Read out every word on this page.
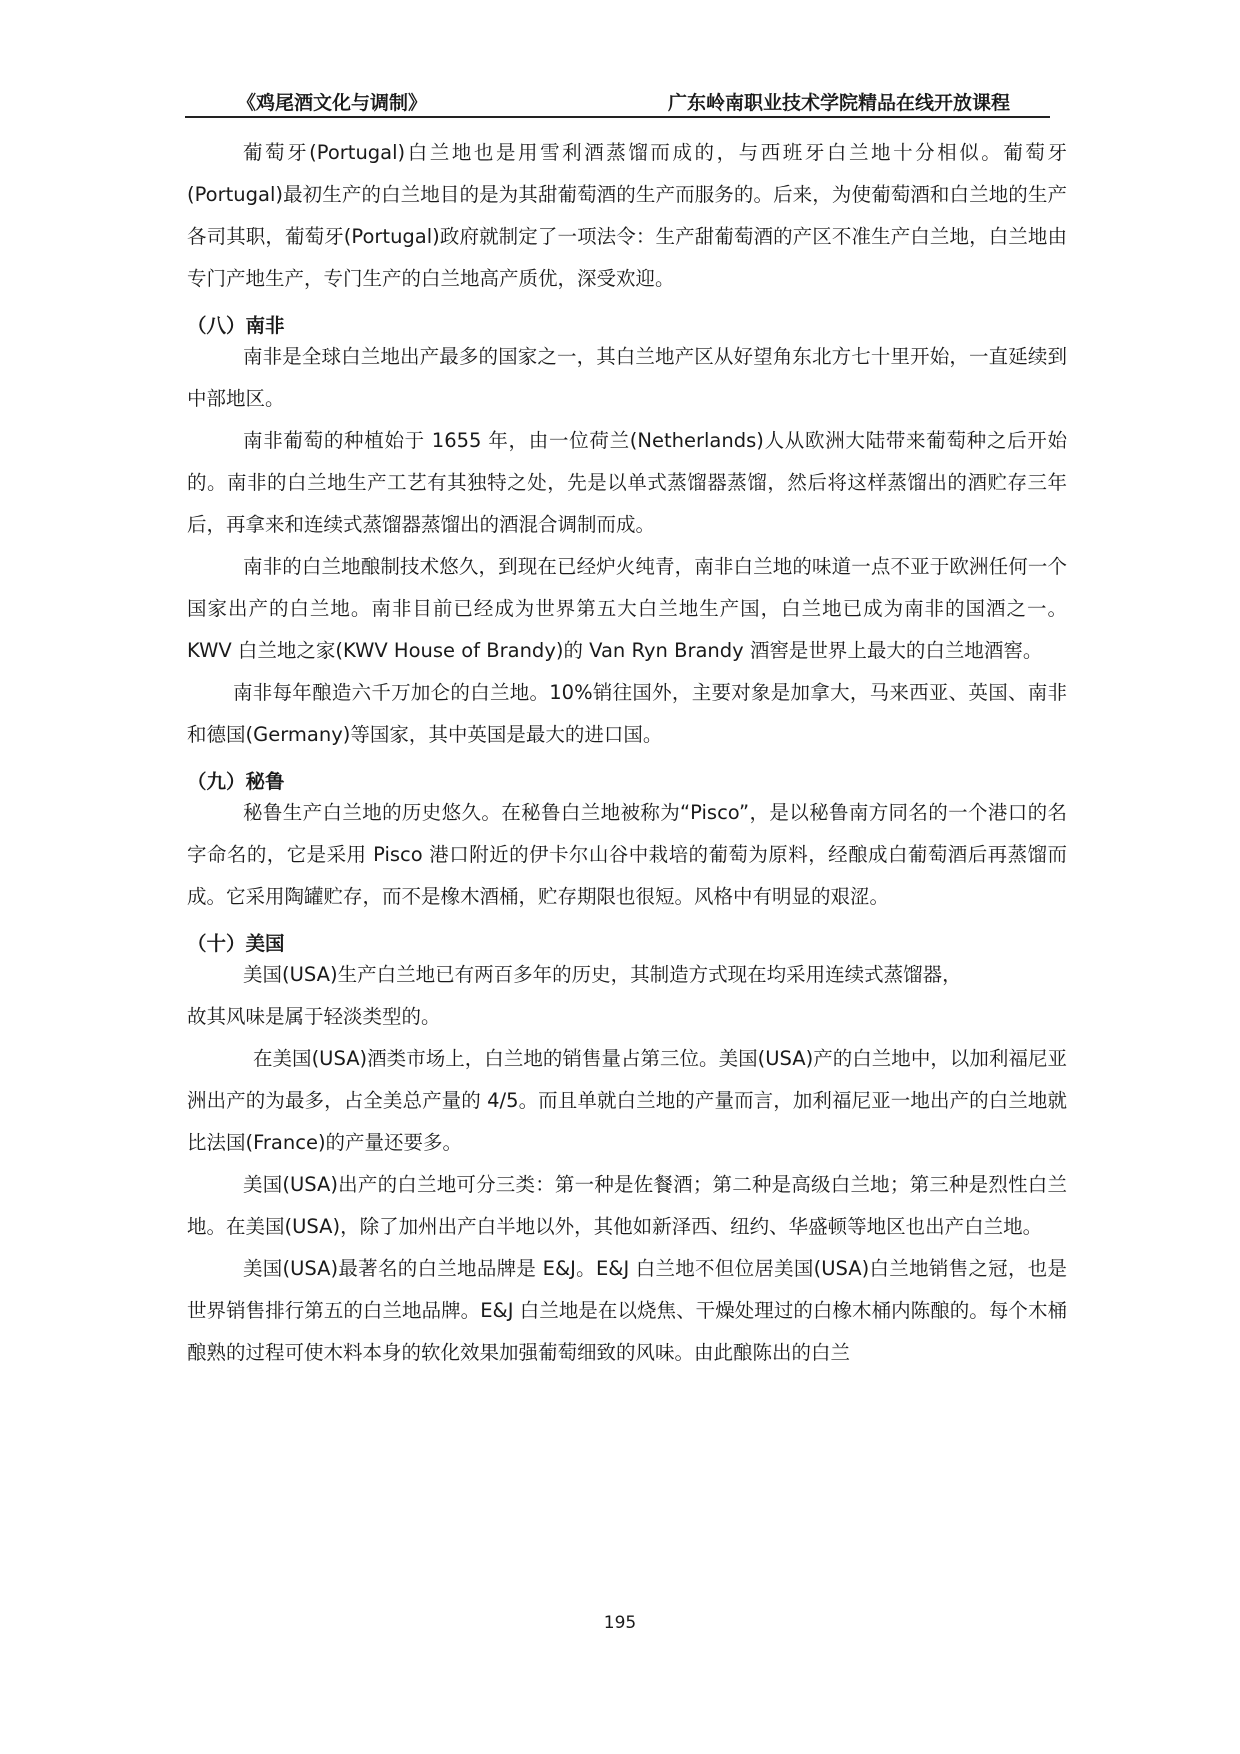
《鸡尾酒文化与调制》	广东岭南职业技术学院精品在线开放课程

葡萄牙(Portugal)白兰地也是用雪利酒蒸馏而成的，与西班牙白兰地十分相似。葡萄牙(Portugal)最初生产的白兰地目的是为其甜葡萄酒的生产而服务的。后来，为使葡萄酒和白兰地的生产各司其职，葡萄牙(Portugal)政府就制定了一项法令：生产甜葡萄酒的产区不准生产白兰地，白兰地由专门产地生产，专门生产的白兰地高产质优，深受欢迎。

（八）南非

南非是全球白兰地出产最多的国家之一，其白兰地产区从好望角东北方七十里开始，一直延续到中部地区。

南非葡萄的种植始于 1655 年，由一位荷兰(Netherlands)人从欧洲大陆带来葡萄种之后开始的。南非的白兰地生产工艺有其独特之处，先是以单式蒸馏器蒸馏，然后将这样蒸馏出的酒贮存三年后，再拿来和连续式蒸馏器蒸馏出的酒混合调制而成。

南非的白兰地酿制技术悠久，到现在已经炉火纯青，南非白兰地的味道一点不亚于欧洲任何一个国家出产的白兰地。南非目前已经成为世界第五大白兰地生产国，白兰地已成为南非的国酒之一。KWV 白兰地之家(KWV House of Brandy)的 Van Ryn Brandy 酒窖是世界上最大的白兰地酒窖。

南非每年酿造六千万加仑的白兰地。10%销往国外，主要对象是加拿大，马来西亚、英国、南非和德国(Germany)等国家，其中英国是最大的进口国。

（九）秘鲁

秘鲁生产白兰地的历史悠久。在秘鲁白兰地被称为“Pisco”，是以秘鲁南方同名的一个港口的名字命名的，它是采用 Pisco 港口附近的伊卡尔山谷中栽培的葡萄为原料，经酿成白葡萄酒后再蒸馏而成。它采用陶罐贮存，而不是橡木酒桶，贮存期限也很短。风格中有明显的艰涩。

（十）美国

美国(USA)生产白兰地已有两百多年的历史，其制造方式现在均采用连续式蒸馏器，

故其风味是属于轻淡类型的。

在美国(USA)酒类市场上，白兰地的销售量占第三位。美国(USA)产的白兰地中，以加利福尼亚洲出产的为最多，占全美总产量的 4/5。而且单就白兰地的产量而言，加利福尼亚一地出产的白兰地就比法国(France)的产量还要多。

美国(USA)出产的白兰地可分三类：第一种是佐餐酒；第二种是高级白兰地；第三种是烈性白兰地。在美国(USA)，除了加州出产白半地以外，其他如新泽西、纽约、华盛顿等地区也出产白兰地。

美国(USA)最著名的白兰地品牌是 E&J。E&J 白兰地不但位居美国(USA)白兰地销售之冠，也是世界销售排行第五的白兰地品牌。E&J 白兰地是在以烧焦、干燥处理过的白橡木桶内陈酿的。每个木桶酿熟的过程可使木料本身的软化效果加强葡萄细致的风味。由此酿陈出的白兰

195
